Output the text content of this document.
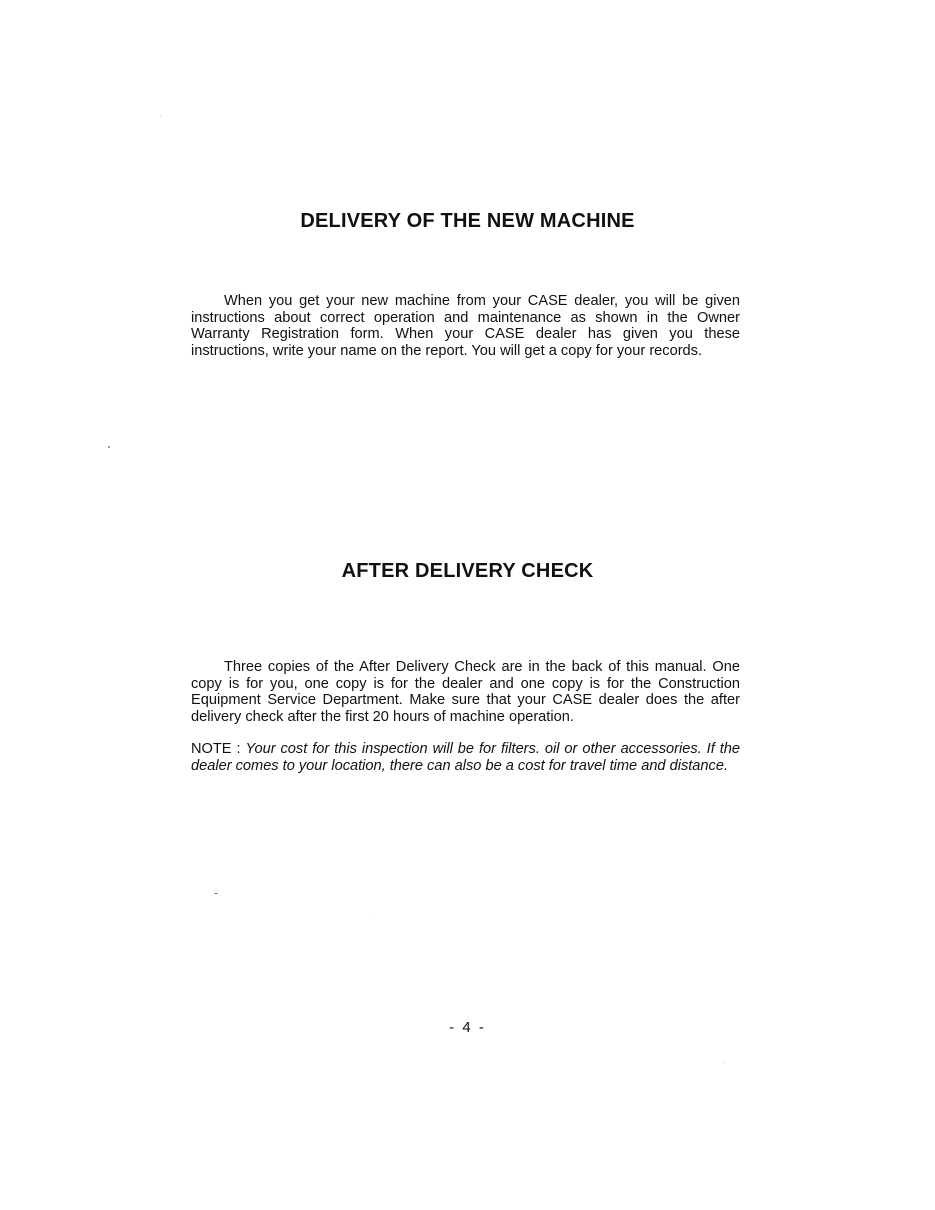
DELIVERY OF THE NEW MACHINE

When you get your new machine from your CASE dealer, you will be given instructions about correct operation and maintenance as shown in the Owner Warranty Registration form. When your CASE dealer has given you these instructions, write your name on the report. You will get a copy for your records.

AFTER DELIVERY CHECK

Three copies of the After Delivery Check are in the back of this manual. One copy is for you, one copy is for the dealer and one copy is for the Construction Equipment Service Department. Make sure that your CASE dealer does the after delivery check after the first 20 hours of machine operation.

NOTE : Your cost for this inspection will be for filters. oil or other accessories. If the dealer comes to your location, there can also be a cost for travel time and distance.

- 4 -
